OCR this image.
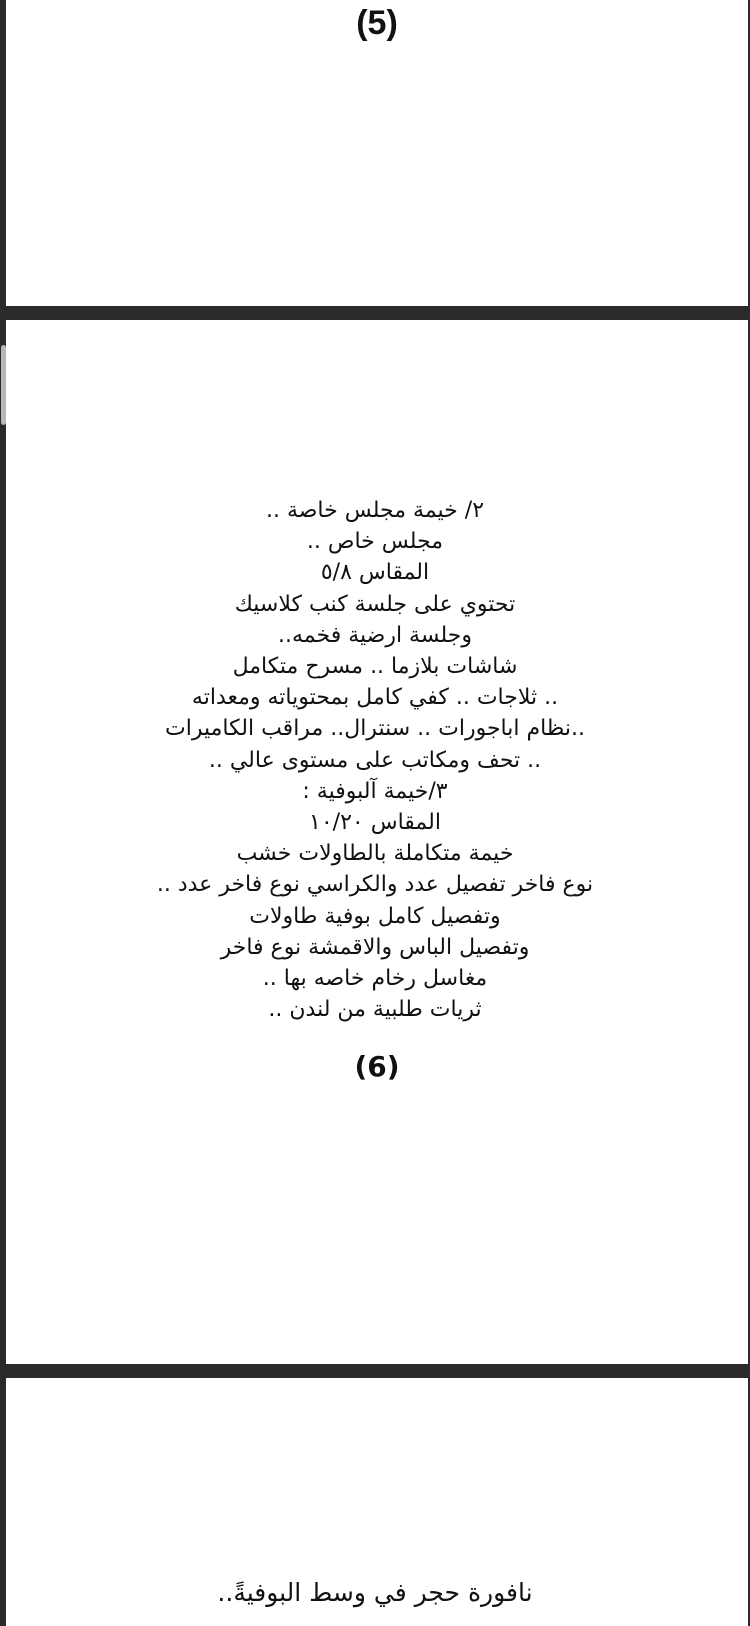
(5)
(6)
٢/ خيمة مجلس خاصة ..
مجلس خاص ..
المقاس ٥/٨
تحتوي على جلسة كنب كلاسيك
وجلسة ارضية فخمه..
شاشات بلازما .. مسرح متكامل
.. ثلاجات .. كفي كامل بمحتوياته ومعداته
..نظام اباجورات .. سنترال.. مراقب الكاميرات
.. تحف ومكاتب على مستوى عالي ..
٣/خيمة آلبوفية :
المقاس ١٠/٢٠
خيمة متكاملة بالطاولات خشب
نوع فاخر تفصيل عدد والكراسي نوع فاخر عدد ..
وتفصيل كامل بوفية طاولات
وتفصيل الباس والاقمشة نوع فاخر
مغاسل رخام خاصه بها ..
ثريات طلبية من لندن ..
نافورة حجر في وسط البوفيةً..
